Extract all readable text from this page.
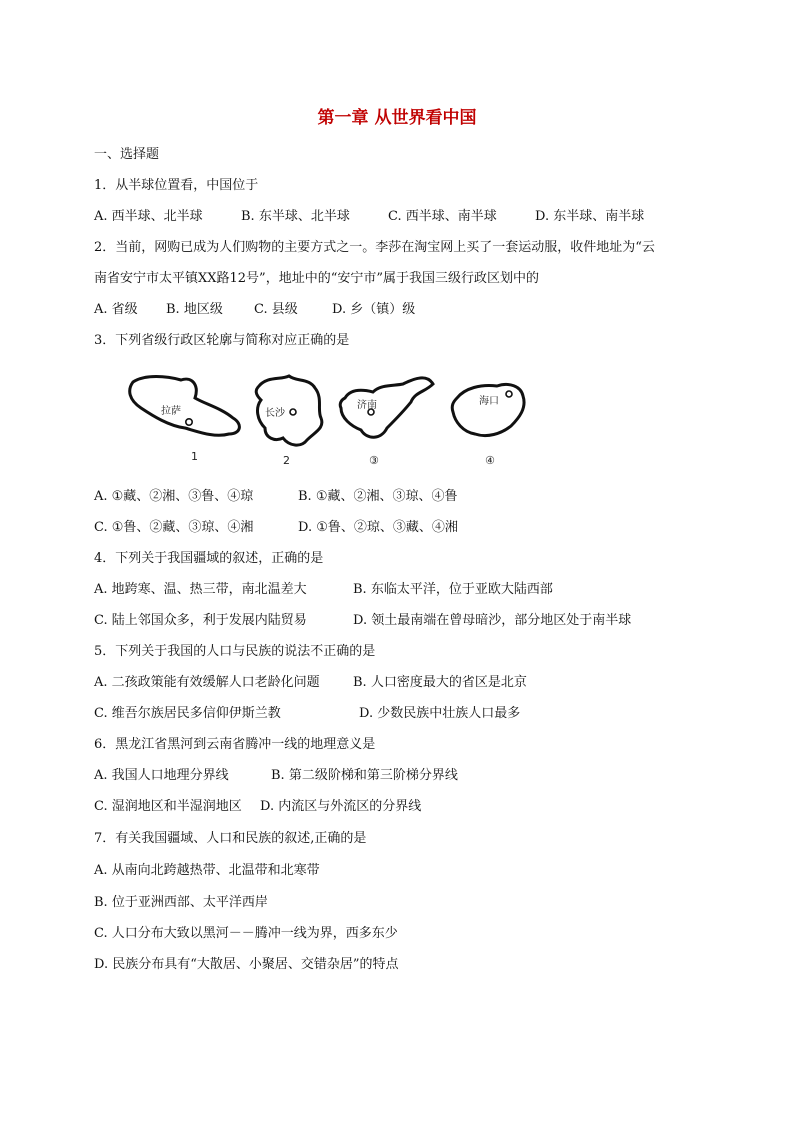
第一章 从世界看中国
一、选择题
1．从半球位置看，中国位于
A. 西半球、北半球	B. 东半球、北半球	C. 西半球、南半球	D. 东半球、南半球
2．当前，网购已成为人们购物的主要方式之一。李莎在淘宝网上买了一套运动服，收件地址为“云
南省安宁市太平镇XX路12号”，地址中的“安宁市”属于我国三级行政区划中的
A. 省级 B. 地区级 C. 县级	D. 乡（镇）级
3．下列省级行政区轮廓与简称对应正确的是
拉萨
1
长沙
2
济南
③
海口
④
A. ①藏、②湘、③鲁、④琼	B. ①藏、②湘、③琼、④鲁
C. ①鲁、②藏、③琼、④湘	D. ①鲁、②琼、③藏、④湘
4．下列关于我国疆域的叙述，正确的是
A. 地跨寒、温、热三带，南北温差大	B. 东临太平洋，位于亚欧大陆西部
C. 陆上邻国众多，利于发展内陆贸易	D. 领土最南端在曾母暗沙，部分地区处于南半球
5．下列关于我国的人口与民族的说法不正确的是
A. 二孩政策能有效缓解人口老龄化问题	B. 人口密度最大的省区是北京
C. 维吾尔族居民多信仰伊斯兰教	D. 少数民族中壮族人口最多
6．黑龙江省黑河到云南省腾冲一线的地理意义是
A. 我国人口地理分界线	B. 第二级阶梯和第三阶梯分界线
C. 湿润地区和半湿润地区 D. 内流区与外流区的分界线
7．有关我国疆域、人口和民族的叙述,正确的是
A. 从南向北跨越热带、北温带和北寒带
B. 位于亚洲西部、太平洋西岸
C. 人口分布大致以黑河－－腾冲一线为界，西多东少
D. 民族分布具有“大散居、小聚居、交错杂居”的特点
